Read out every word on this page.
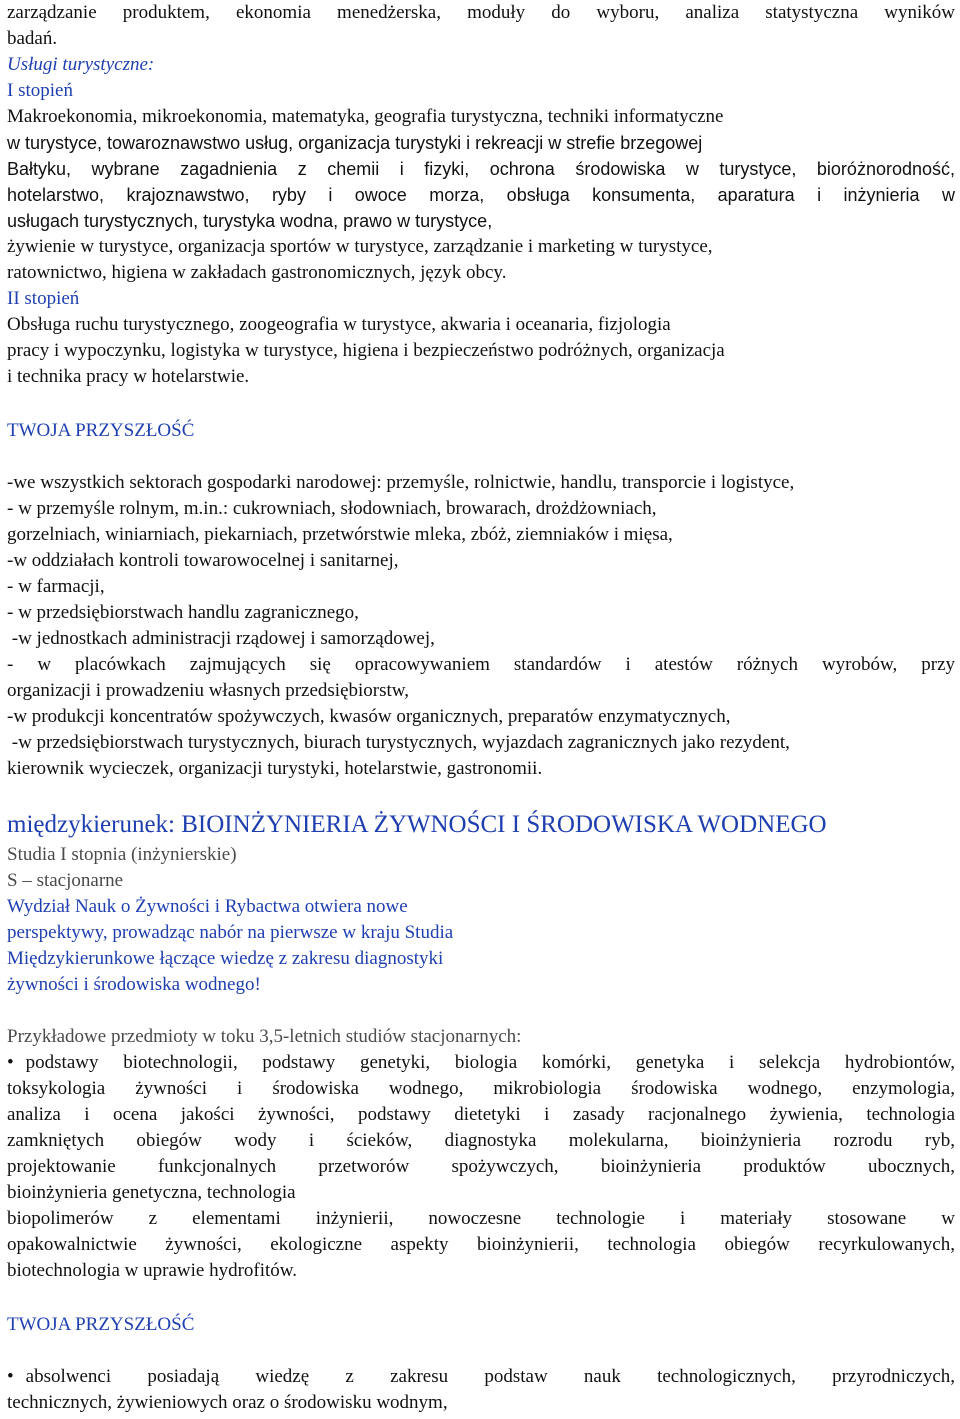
zarządzanie produktem, ekonomia menedżerska, moduły do wyboru, analiza statystyczna wyników
badań.
Usługi turystyczne:
I stopień
Makroekonomia, mikroekonomia, matematyka, geografia turystyczna, techniki informatyczne
w turystyce, towaroznawstwo usług, organizacja turystyki i rekreacji w strefie brzegowej
Bałtyku, wybrane zagadnienia z chemii i fizyki, ochrona środowiska w turystyce, bioróżnorodność,
hotelarstwo, krajoznawstwo, ryby i owoce morza, obsługa konsumenta, aparatura i inżynieria w
usługach turystycznych, turystyka wodna, prawo w turystyce,
żywienie w turystyce, organizacja sportów w turystyce, zarządzanie i marketing w turystyce,
ratownictwo, higiena w zakładach gastronomicznych, język obcy.
II stopień
Obsługa ruchu turystycznego, zoogeografia w turystyce, akwaria i oceanaria, fizjologia
pracy i wypoczynku, logistyka w turystyce, higiena i bezpieczeństwo podróżnych, organizacja
i technika pracy w hotelarstwie.
TWOJA PRZYSZŁOŚĆ
-we wszystkich sektorach gospodarki narodowej: przemyśle, rolnictwie, handlu, transporcie i logistyce,
- w przemyśle rolnym, m.in.: cukrowniach, słodowniach, browarach, drożdżowniach,
gorzelniach, winiarniach, piekarniach, przetwórstwie mleka, zbóż, ziemniaków i mięsa,
-w oddziałach kontroli towarowocelnej i sanitarnej,
- w farmacji,
- w przedsiębiorstwach handlu zagranicznego,
-w jednostkach administracji rządowej i samorządowej,
- w placówkach zajmujących się opracowywaniem standardów i atestów różnych wyrobów, przy
organizacji i prowadzeniu własnych przedsiębiorstw,
-w produkcji koncentratów spożywczych, kwasów organicznych, preparatów enzymatycznych,
-w przedsiębiorstwach turystycznych, biurach turystycznych, wyjazdach zagranicznych jako rezydent,
kierownik wycieczek, organizacji turystyki, hotelarstwie, gastronomii.
międzykierunek: BIOINŻYNIERIA ŻYWNOŚCI I ŚRODOWISKA WODNEGO
Studia I stopnia (inżynierskie)
S – stacjonarne
Wydział Nauk o Żywności i Rybactwa otwiera nowe
perspektywy, prowadząc nabór na pierwsze w kraju Studia
Międzykierunkowe łączące wiedzę z zakresu diagnostyki
żywności i środowiska wodnego!
Przykładowe przedmioty w toku 3,5-letnich studiów stacjonarnych:
• podstawy biotechnologii, podstawy genetyki, biologia komórki, genetyka i selekcja hydrobiontów,
toksykologia żywności i środowiska wodnego, mikrobiologia środowiska wodnego, enzymologia,
analiza i ocena jakości żywności, podstawy dietetyki i zasady racjonalnego żywienia, technologia
zamkniętych obiegów wody i ścieków, diagnostyka molekularna, bioinżynieria rozrodu ryb,
projektowanie funkcjonalnych przetworów spożywczych, bioinżynieria produktów ubocznych,
bioinżynieria genetyczna, technologia
biopolimerów z elementami inżynierii, nowoczesne technologie i materiały stosowane w
opakowalnictwie żywności, ekologiczne aspekty bioinżynierii, technologia obiegów recyrkulowanych,
biotechnologia w uprawie hydrofitów.
TWOJA PRZYSZŁOŚĆ
• absolwenci posiadają wiedzę z zakresu podstaw nauk technologicznych, przyrodniczych,
technicznych, żywieniowych oraz o środowisku wodnym,
